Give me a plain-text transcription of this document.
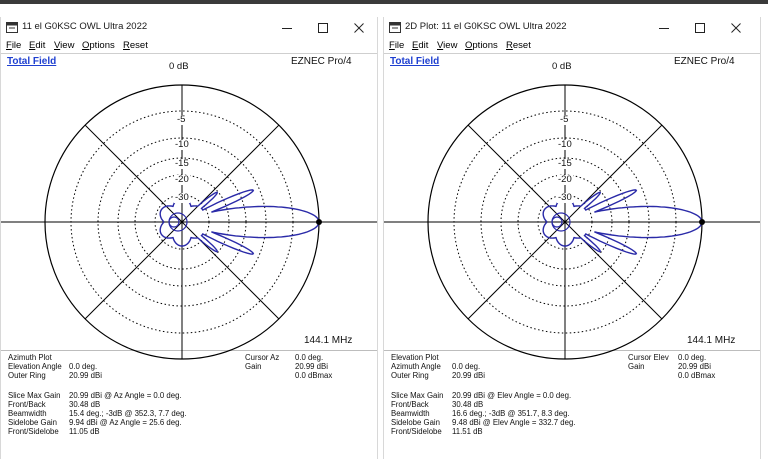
11 el G0KSC OWL Ultra 2022
File Edit View Options Reset
Total Field	EZNEC Pro/4
0 dB
-5
-10
-15
-20
-30
144.1 MHz
Azimuth Plot
Elevation Angle 0.0 deg.
Outer Ring	20.99 dBi
Cursor Az 0.0 deg.
Gain	20.99 dBi
0.0 dBmax
Slice Max Gain 20.99 dBi @ Az Angle = 0.0 deg.
Front/Back	30.48 dB
Beamwidth	15.4 deg.; -3dB @ 352.3, 7.7 deg.
Sidelobe Gain 9.94 dBi @ Az Angle = 25.6 deg.
Front/Sidelobe 11.05 dB
2D Plot: 11 el G0KSC OWL Ultra 2022
File Edit View Options Reset
Total Field	EZNEC Pro/4
0 dB
-5
-10
-15
-20
-30
144.1 MHz
Elevation Plot
Azimuth Angle 0.0 deg.
Outer Ring	20.99 dBi
Cursor Elev 0.0 deg.
Gain	20.99 dBi
0.0 dBmax
Slice Max Gain 20.99 dBi @ Elev Angle = 0.0 deg.
Front/Back	30.48 dB
Beamwidth	16.6 deg.; -3dB @ 351.7, 8.3 deg.
Sidelobe Gain 9.48 dBi @ Elev Angle = 332.7 deg.
Front/Sidelobe 11.51 dB
